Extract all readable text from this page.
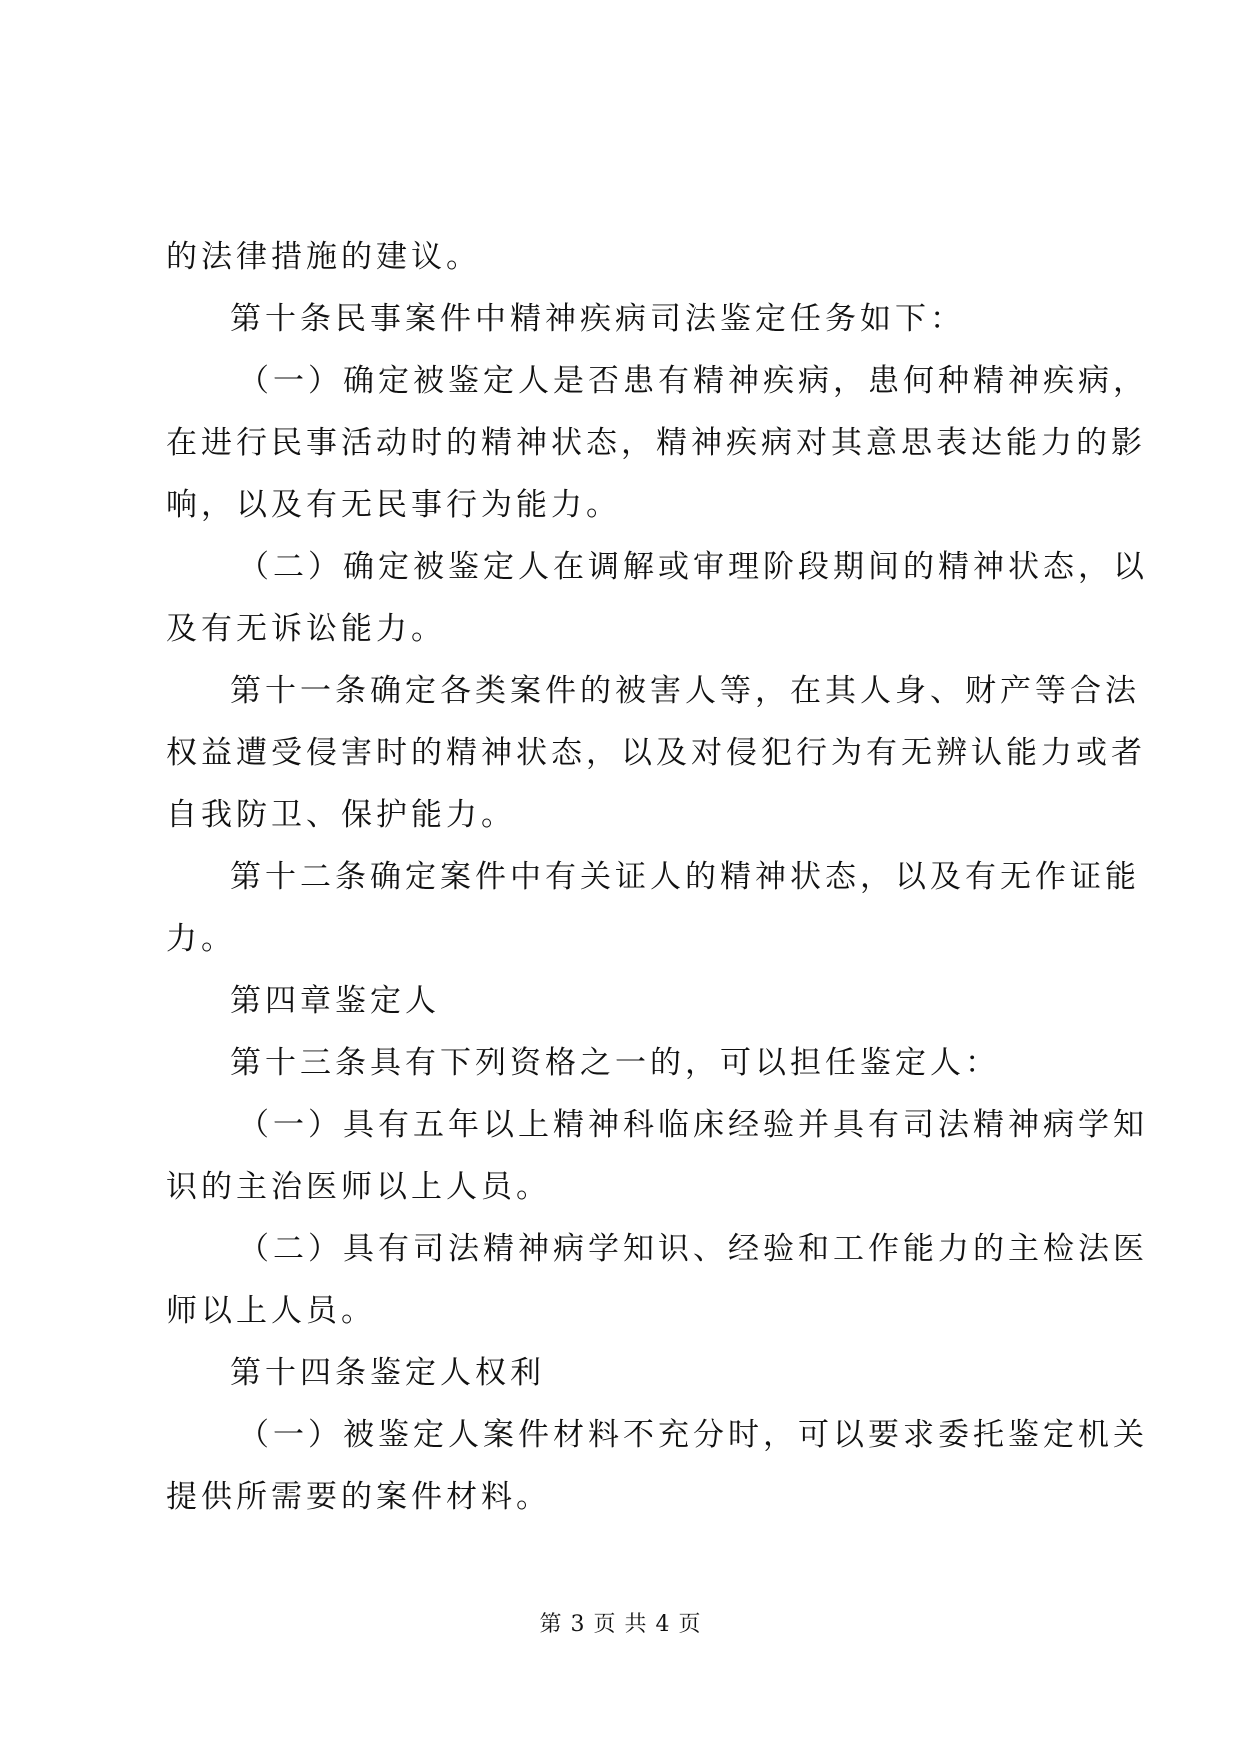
的法律措施的建议。
第十条民事案件中精神疾病司法鉴定任务如下：
（一）确定被鉴定人是否患有精神疾病，患何种精神疾病，
在进行民事活动时的精神状态，精神疾病对其意思表达能力的影
响，以及有无民事行为能力。
（二）确定被鉴定人在调解或审理阶段期间的精神状态，以
及有无诉讼能力。
第十一条确定各类案件的被害人等，在其人身、财产等合法
权益遭受侵害时的精神状态，以及对侵犯行为有无辨认能力或者
自我防卫、保护能力。
第十二条确定案件中有关证人的精神状态，以及有无作证能
力。
第四章鉴定人
第十三条具有下列资格之一的，可以担任鉴定人：
（一）具有五年以上精神科临床经验并具有司法精神病学知
识的主治医师以上人员。
（二）具有司法精神病学知识、经验和工作能力的主检法医
师以上人员。
第十四条鉴定人权利
（一）被鉴定人案件材料不充分时，可以要求委托鉴定机关
提供所需要的案件材料。
第 3 页 共 4 页
